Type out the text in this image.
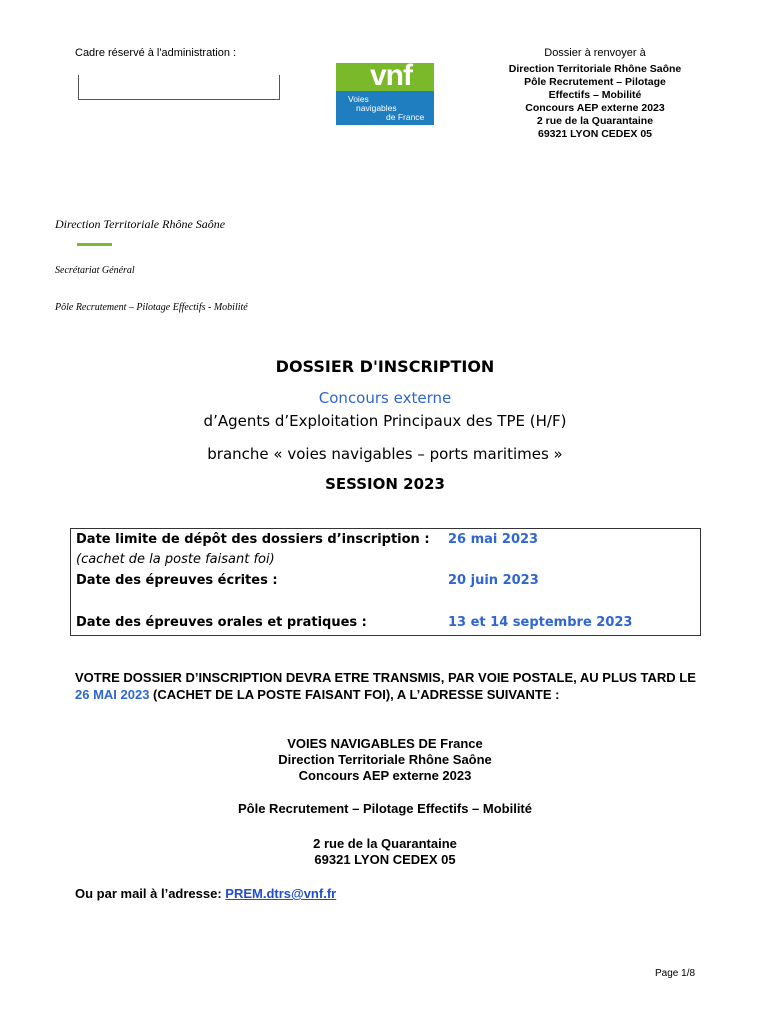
Cadre réservé à l'administration :
vnf
Voies
navigables
de France
Dossier à renvoyer à
Direction Territoriale Rhône Saône
Pôle Recrutement – Pilotage
Effectifs – Mobilité
Concours AEP externe 2023
2 rue de la Quarantaine
69321 LYON CEDEX 05
Direction Territoriale Rhône Saône
Secrétariat Général
Pôle Recrutement – Pilotage Effectifs - Mobilité
DOSSIER D'INSCRIPTION
Concours externe
d’Agents d’Exploitation Principaux des TPE (H/F)
branche « voies navigables – ports maritimes »
SESSION 2023
Date limite de dépôt des dossiers d’inscription : 26 mai 2023
(cachet de la poste faisant foi)
Date des épreuves écrites :	20 juin 2023
Date des épreuves orales et pratiques :	13 et 14 septembre 2023
VOTRE DOSSIER D’INSCRIPTION DEVRA ETRE TRANSMIS, PAR VOIE POSTALE, AU PLUS TARD LE 26 MAI 2023 (CACHET DE LA POSTE FAISANT FOI), A L’ADRESSE SUIVANTE :
VOIES NAVIGABLES DE France
Direction Territoriale Rhône Saône
Concours AEP externe 2023
Pôle Recrutement – Pilotage Effectifs – Mobilité
2 rue de la Quarantaine
69321 LYON CEDEX 05
Ou par mail à l’adresse: PREM.dtrs@vnf.fr
Page 1/8
